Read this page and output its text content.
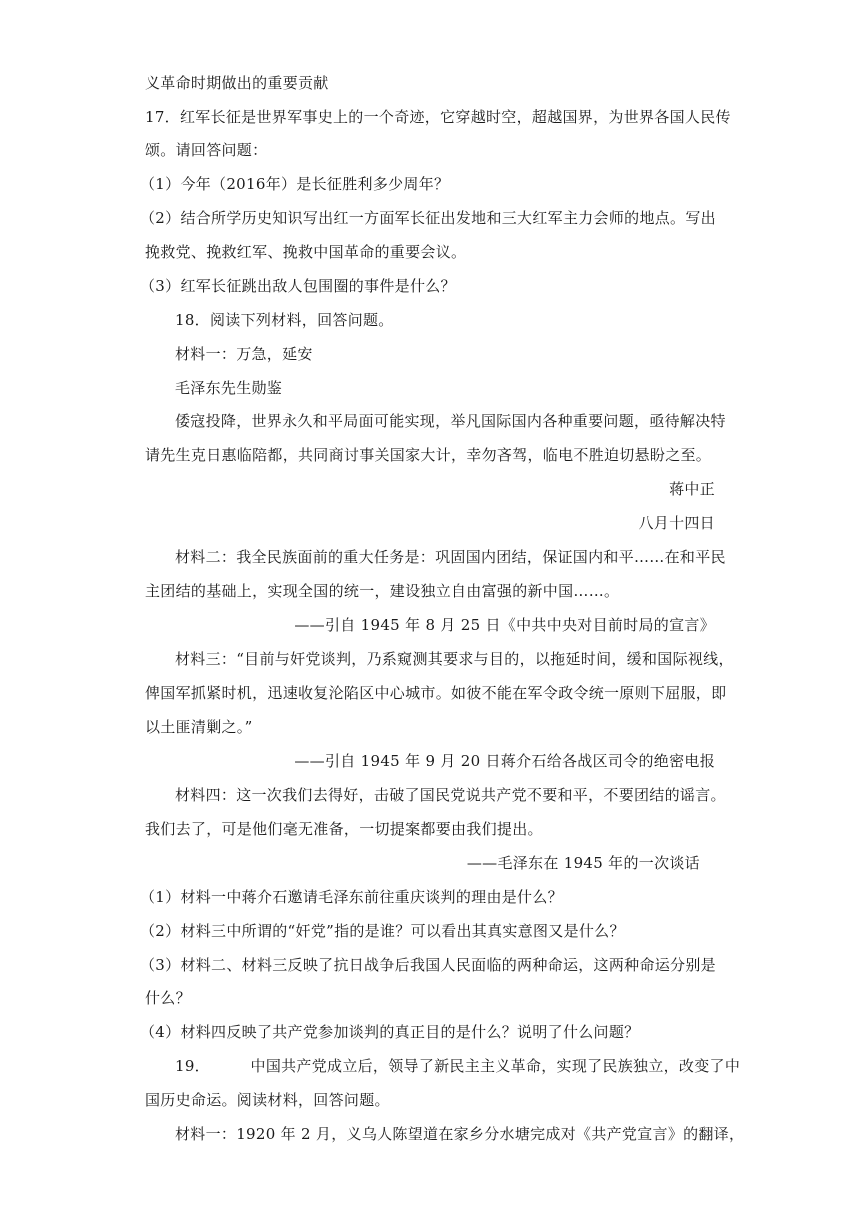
义革命时期做出的重要贡献
17．红军长征是世界军事史上的一个奇迹，它穿越时空，超越国界，为世界各国人民传
颂。请回答问题：
（1）今年（2016年）是长征胜利多少周年？
（2）结合所学历史知识写出红一方面军长征出发地和三大红军主力会师的地点。写出
挽救党、挽救红军、挽救中国革命的重要会议。
（3）红军长征跳出敌人包围圈的事件是什么？
18．阅读下列材料，回答问题。
材料一：万急，延安
毛泽东先生勋鉴
倭寇投降，世界永久和平局面可能实现，举凡国际国内各种重要问题，亟待解决特
请先生克日惠临陪都，共同商讨事关国家大计，幸勿吝驾，临电不胜迫切悬盼之至。
蒋中正
八月十四日
材料二：我全民族面前的重大任务是：巩固国内团结，保证国内和平……在和平民
主团结的基础上，实现全国的统一，建设独立自由富强的新中国……。
——引自 1945 年 8 月 25 日《中共中央对目前时局的宣言》
材料三：“目前与奸党谈判，乃系窥测其要求与目的，以拖延时间，缓和国际视线，
俾国军抓紧时机，迅速收复沦陷区中心城市。如彼不能在军令政令统一原则下屈服，即
以土匪清剿之。”
——引自 1945 年 9 月 20 日蒋介石给各战区司令的绝密电报
材料四：这一次我们去得好，击破了国民党说共产党不要和平，不要团结的谣言。
我们去了，可是他们毫无准备，一切提案都要由我们提出。
——毛泽东在 1945 年的一次谈话
（1）材料一中蒋介石邀请毛泽东前往重庆谈判的理由是什么？
（2）材料三中所谓的“奸党”指的是谁？可以看出其真实意图又是什么？
（3）材料二、材料三反映了抗日战争后我国人民面临的两种命运，这两种命运分别是
什么？
（4）材料四反映了共产党参加谈判的真正目的是什么？说明了什么问题？
19．        中国共产党成立后，领导了新民主主义革命，实现了民族独立，改变了中
国历史命运。阅读材料，回答问题。
材料一：1920 年 2 月，义乌人陈望道在家乡分水塘完成对《共产党宣言》的翻译，
